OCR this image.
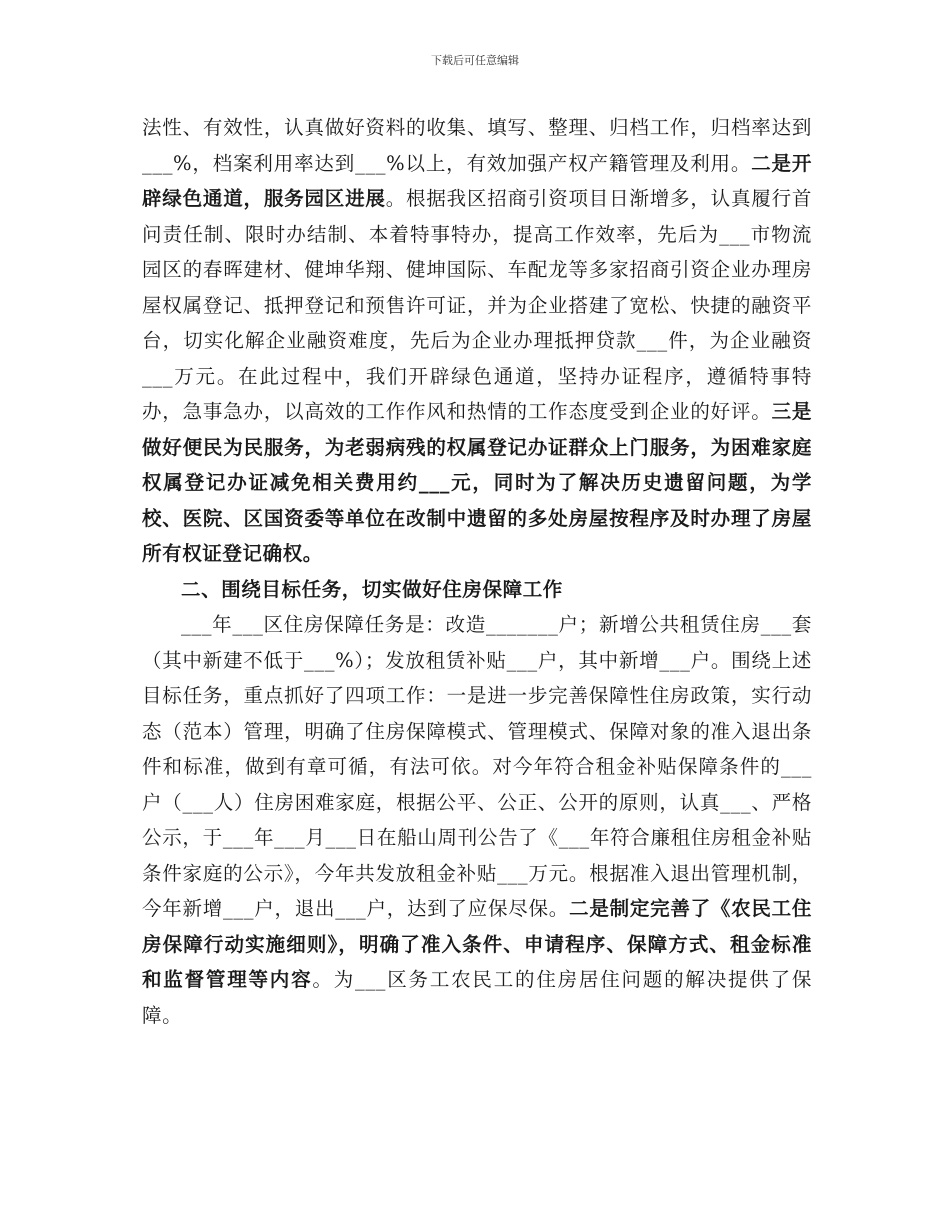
下载后可任意编辑

法性、有效性，认真做好资料的收集、填写、整理、归档工作，归档率达到___%，档案利用率达到___%以上，有效加强产权产籍管理及利用。二是开辟绿色通道，服务园区进展。根据我区招商引资项目日渐增多，认真履行首问责任制、限时办结制、本着特事特办，提高工作效率，先后为___市物流园区的春晖建材、健坤华翔、健坤国际、车配龙等多家招商引资企业办理房屋权属登记、抵押登记和预售许可证，并为企业搭建了宽松、快捷的融资平台，切实化解企业融资难度，先后为企业办理抵押贷款___件，为企业融资___万元。在此过程中，我们开辟绿色通道，坚持办证程序，遵循特事特办，急事急办，以高效的工作作风和热情的工作态度受到企业的好评。三是做好便民为民服务，为老弱病残的权属登记办证群众上门服务，为困难家庭权属登记办证减免相关费用约___元，同时为了解决历史遗留问题，为学校、医院、区国资委等单位在改制中遗留的多处房屋按程序及时办理了房屋所有权证登记确权。

二、围绕目标任务，切实做好住房保障工作

___年___区住房保障任务是：改造_______户；新增公共租赁住房___套（其中新建不低于___%）；发放租赁补贴___户，其中新增___户。围绕上述目标任务，重点抓好了四项工作：一是进一步完善保障性住房政策，实行动态（范本）管理，明确了住房保障模式、管理模式、保障对象的准入退出条件和标准，做到有章可循，有法可依。对今年符合租金补贴保障条件的___户（___人）住房困难家庭，根据公平、公正、公开的原则，认真___、严格公示，于___年___月___日在船山周刊公告了《___年符合廉租住房租金补贴条件家庭的公示》，今年共发放租金补贴___万元。根据准入退出管理机制，今年新增___户，退出___户，达到了应保尽保。二是制定完善了《农民工住房保障行动实施细则》，明确了准入条件、申请程序、保障方式、租金标准和监督管理等内容。为___区务工农民工的住房居住问题的解决提供了保障。
